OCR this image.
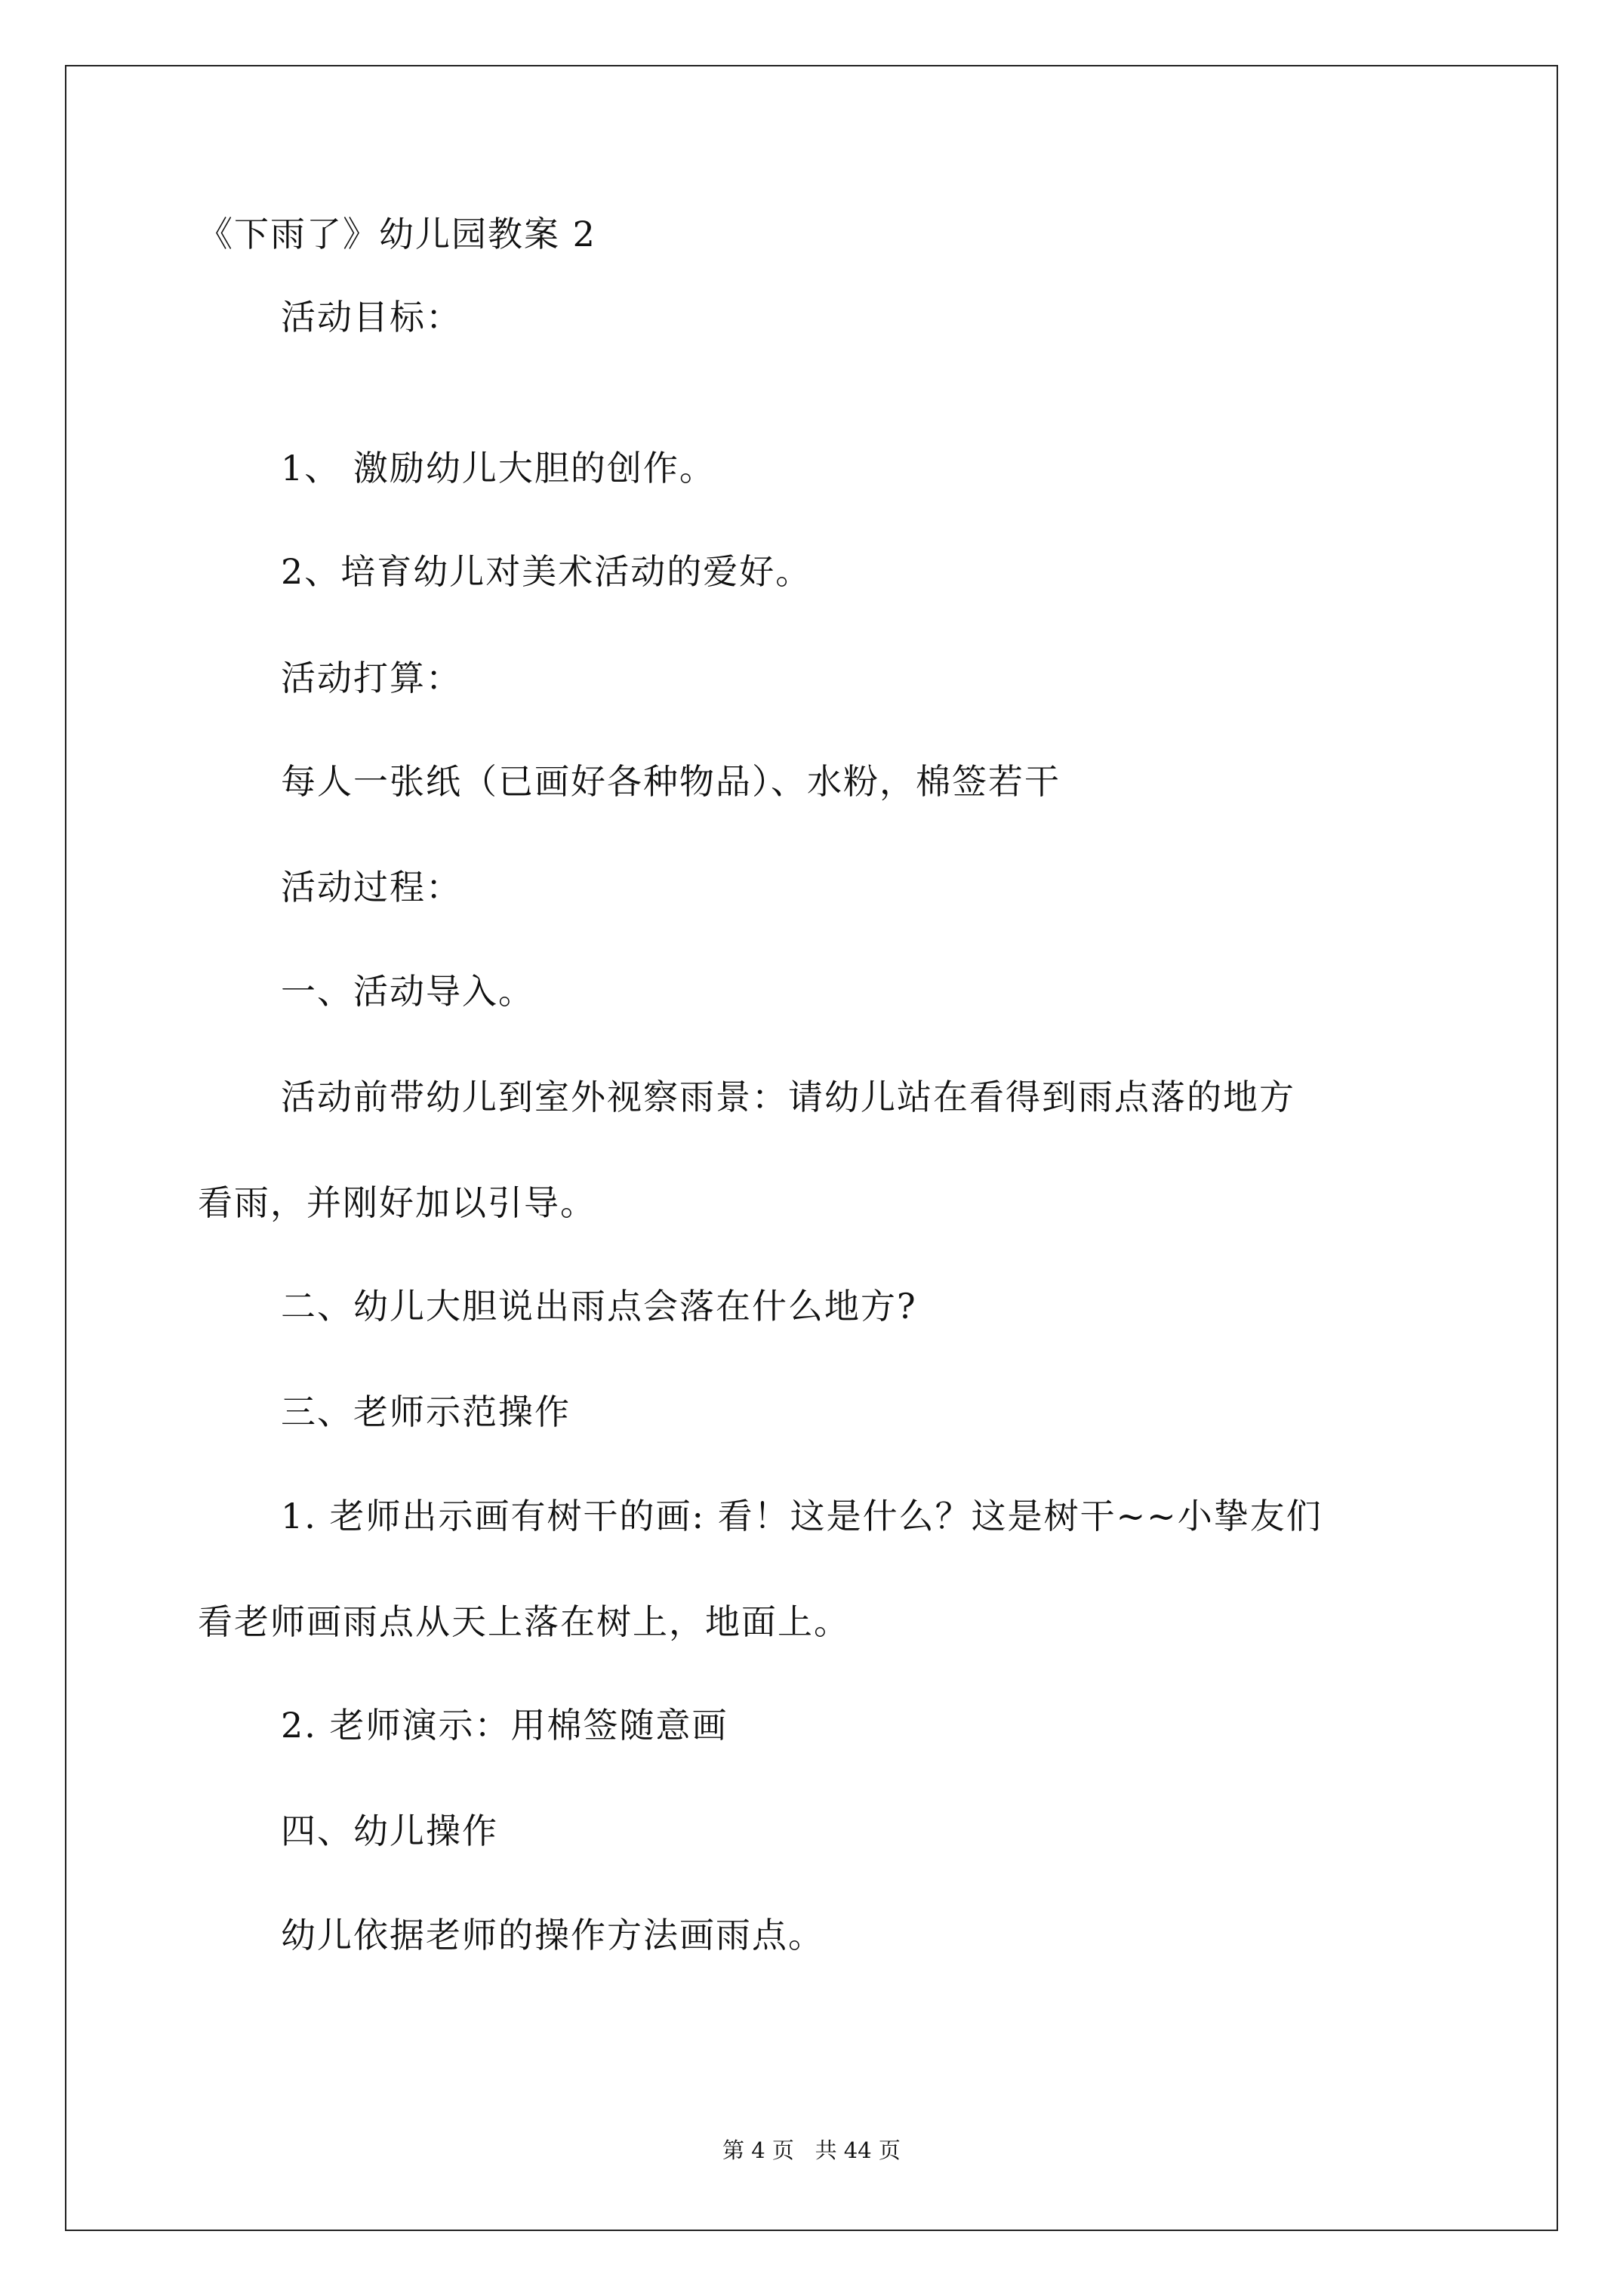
《下雨了》幼儿园教案 2

活动目标：

1、 激励幼儿大胆的创作。

2、培育幼儿对美术活动的爱好。

活动打算：

每人一张纸（已画好各种物品）、水粉，棉签若干

活动过程：

一、活动导入。

活动前带幼儿到室外视察雨景：请幼儿站在看得到雨点落的地方

看雨，并刚好加以引导。

二、幼儿大胆说出雨点会落在什么地方?

三、老师示范操作

1. 老师出示画有树干的画: 看！这是什么？这是树干~~小挚友们

看老师画雨点从天上落在树上，地面上。

2. 老师演示：用棉签随意画

四、幼儿操作

幼儿依据老师的操作方法画雨点。

第 4 页   共 44 页
